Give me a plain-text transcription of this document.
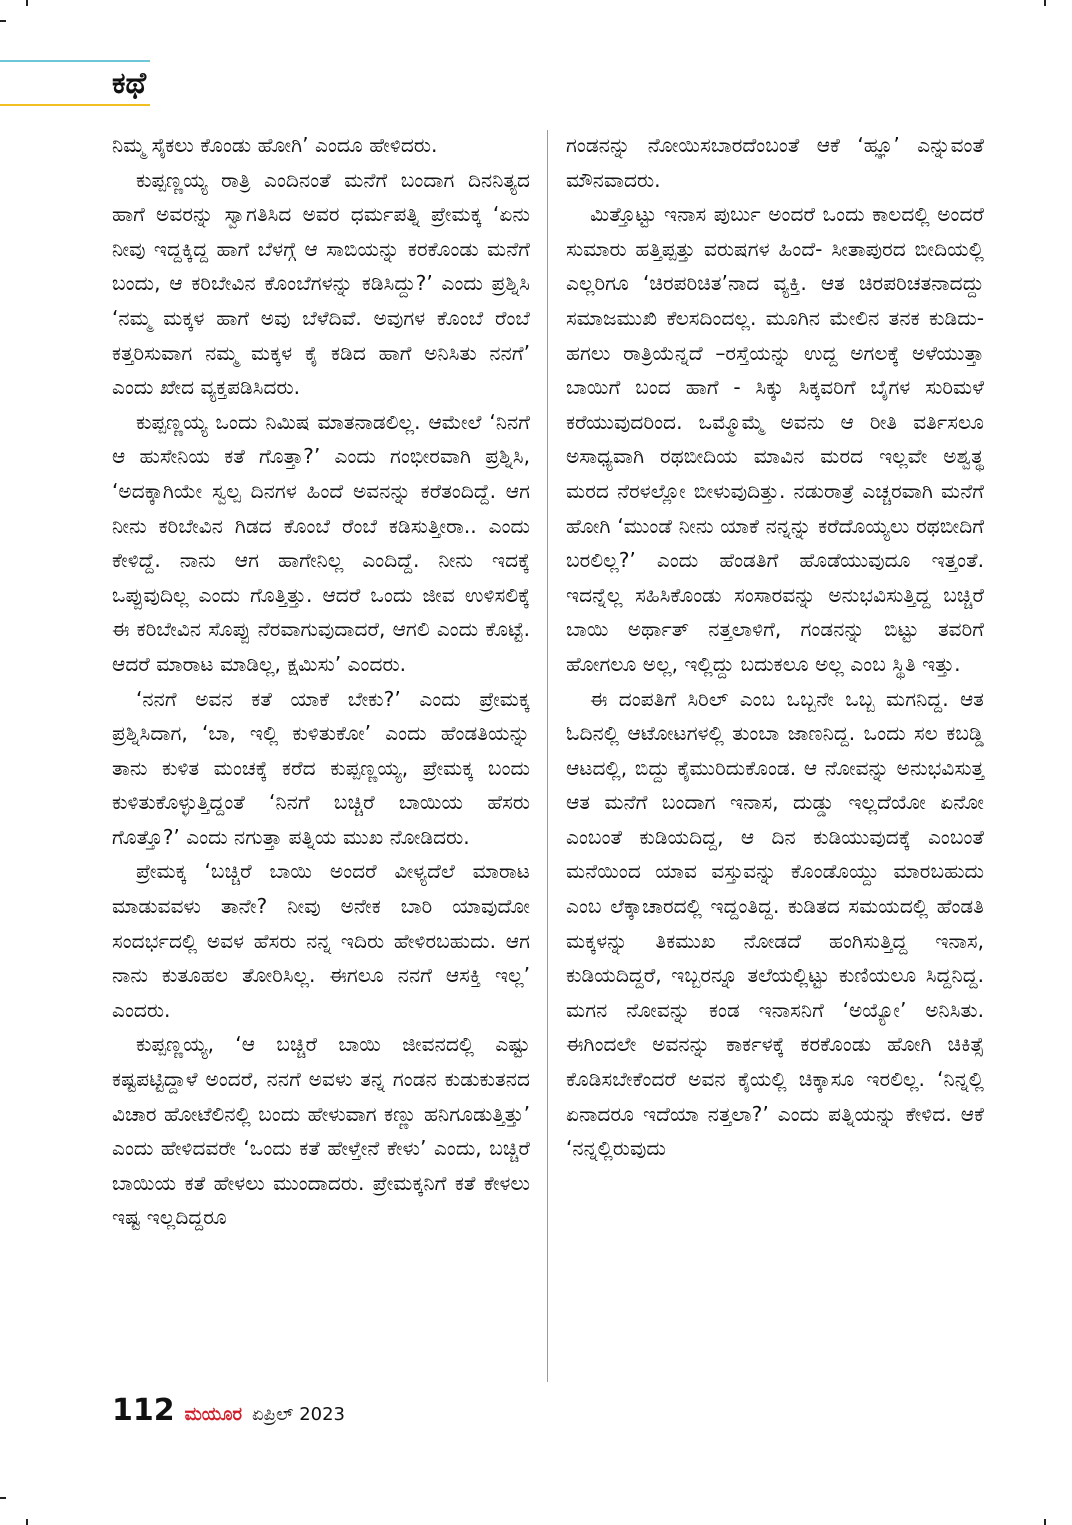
ಕಥೆ

ನಿಮ್ಮ ಸೈಕಲು ಕೊಂಡು ಹೋಗಿ’ ಎಂದೂ ಹೇಳಿದರು.

ಕುಪ್ಪಣ್ಣಯ್ಯ ರಾತ್ರಿ ಎಂದಿನಂತೆ ಮನೆಗೆ ಬಂದಾಗ ದಿನನಿತ್ಯದ ಹಾಗೆ ಅವರನ್ನು ಸ್ವಾಗತಿಸಿದ ಅವರ ಧರ್ಮಪತ್ನಿ ಪ್ರೇಮಕ್ಕ ‘ಏನು ನೀವು ಇದ್ದಕ್ಕಿದ್ದ ಹಾಗೆ ಬೆಳಗ್ಗೆ ಆ ಸಾಬಿಯನ್ನು ಕರಕೊಂಡು ಮನೆಗೆ ಬಂದು, ಆ ಕರಿಬೇವಿನ ಕೊಂಬೆಗಳನ್ನು ಕಡಿಸಿದ್ದು?’ ಎಂದು ಪ್ರಶ್ನಿಸಿ ‘ನಮ್ಮ ಮಕ್ಕಳ ಹಾಗೆ ಅವು ಬೆಳೆದಿವೆ. ಅವುಗಳ ಕೊಂಬೆ ರೆಂಬೆ ಕತ್ತರಿಸುವಾಗ ನಮ್ಮ ಮಕ್ಕಳ ಕೈ ಕಡಿದ ಹಾಗೆ ಅನಿಸಿತು ನನಗೆ’ ಎಂದು ಖೇದ ವ್ಯಕ್ತಪಡಿಸಿದರು.

ಕುಪ್ಪಣ್ಣಯ್ಯ ಒಂದು ನಿಮಿಷ ಮಾತನಾಡಲಿಲ್ಲ. ಆಮೇಲೆ ‘ನಿನಗೆ ಆ ಹುಸೇನಿಯ ಕತೆ ಗೊತ್ತಾ?’ ಎಂದು ಗಂಭೀರವಾಗಿ ಪ್ರಶ್ನಿಸಿ, ‘ಅದಕ್ಕಾಗಿಯೇ ಸ್ವಲ್ಪ ದಿನಗಳ ಹಿಂದೆ ಅವನನ್ನು ಕರೆತಂದಿದ್ದೆ. ಆಗ ನೀನು ಕರಿಬೇವಿನ ಗಿಡದ ಕೊಂಬೆ ರೆಂಬೆ ಕಡಿಸುತ್ತೀರಾ.. ಎಂದು ಕೇಳಿದ್ದೆ. ನಾನು ಆಗ ಹಾಗೇನಿಲ್ಲ ಎಂದಿದ್ದೆ. ನೀನು ಇದಕ್ಕೆ ಒಪ್ಪುವುದಿಲ್ಲ ಎಂದು ಗೊತ್ತಿತ್ತು. ಆದರೆ ಒಂದು ಜೀವ ಉಳಿಸಲಿಕ್ಕೆ ಈ ಕರಿಬೇವಿನ ಸೊಪ್ಪು ನೆರವಾಗುವುದಾದರೆ, ಆಗಲಿ ಎಂದು ಕೊಟ್ಟೆ. ಆದರೆ ಮಾರಾಟ ಮಾಡಿಲ್ಲ, ಕ್ಷಮಿಸು’ ಎಂದರು.

‘ನನಗೆ ಅವನ ಕತೆ ಯಾಕೆ ಬೇಕು?’ ಎಂದು ಪ್ರೇಮಕ್ಕ ಪ್ರಶ್ನಿಸಿದಾಗ, ‘ಬಾ, ಇಲ್ಲಿ ಕುಳಿತುಕೋ’ ಎಂದು ಹೆಂಡತಿಯನ್ನು ತಾನು ಕುಳಿತ ಮಂಚಕ್ಕೆ ಕರೆದ ಕುಪ್ಪಣ್ಣಯ್ಯ, ಪ್ರೇಮಕ್ಕ ಬಂದು ಕುಳಿತುಕೊಳ್ಳುತ್ತಿದ್ದಂತೆ ‘ನಿನಗೆ ಬಚ್ಚಿರೆ ಬಾಯಿಯ ಹೆಸರು ಗೊತ್ತೊ?’ ಎಂದು ನಗುತ್ತಾ ಪತ್ನಿಯ ಮುಖ ನೋಡಿದರು.

ಪ್ರೇಮಕ್ಕ ‘ಬಚ್ಚಿರೆ ಬಾಯಿ ಅಂದರೆ ವೀಳ್ಯದೆಲೆ ಮಾರಾಟ ಮಾಡುವವಳು ತಾನೇ? ನೀವು ಅನೇಕ ಬಾರಿ ಯಾವುದೋ ಸಂದರ್ಭದಲ್ಲಿ ಅವಳ ಹೆಸರು ನನ್ನ ಇದಿರು ಹೇಳಿರಬಹುದು. ಆಗ ನಾನು ಕುತೂಹಲ ತೋರಿಸಿಲ್ಲ. ಈಗಲೂ ನನಗೆ ಆಸಕ್ತಿ ಇಲ್ಲ’ ಎಂದರು.

ಕುಪ್ಪಣ್ಣಯ್ಯ, ‘ಆ ಬಚ್ಚಿರೆ ಬಾಯಿ ಜೀವನದಲ್ಲಿ ಎಷ್ಟು ಕಷ್ಟಪಟ್ಟಿದ್ದಾಳೆ ಅಂದರೆ, ನನಗೆ ಅವಳು ತನ್ನ ಗಂಡನ ಕುಡುಕುತನದ ವಿಚಾರ ಹೋಟೆಲಿನಲ್ಲಿ ಬಂದು ಹೇಳುವಾಗ ಕಣ್ಣು ಹನಿಗೂಡುತ್ತಿತ್ತು’ ಎಂದು ಹೇಳಿದವರೇ ‘ಒಂದು ಕತೆ ಹೇಳ್ತೇನೆ ಕೇಳು’ ಎಂದು, ಬಚ್ಚಿರೆ ಬಾಯಿಯ ಕತೆ ಹೇಳಲು ಮುಂದಾದರು. ಪ್ರೇಮಕ್ಕನಿಗೆ ಕತೆ ಕೇಳಲು ಇಷ್ಟ ಇಲ್ಲದಿದ್ದರೂ

ಗಂಡನನ್ನು ನೋಯಿಸಬಾರದೆಂಬಂತೆ ಆಕೆ ‘ಹ್ಞೂ’ ಎನ್ನುವಂತೆ ಮೌನವಾದರು.

ಮಿತ್ತೊಟ್ಟು ಇನಾಸ ಪುರ್ಬು ಅಂದರೆ ಒಂದು ಕಾಲದಲ್ಲಿ ಅಂದರೆ ಸುಮಾರು ಹತ್ತಿಪ್ಪತ್ತು ವರುಷಗಳ ಹಿಂದೆ- ಸೀತಾಪುರದ ಬೀದಿಯಲ್ಲಿ ಎಲ್ಲರಿಗೂ ‘ಚಿರಪರಿಚಿತ’ನಾದ ವ್ಯಕ್ತಿ. ಆತ ಚಿರಪರಿಚತನಾದದ್ದು ಸಮಾಜಮುಖಿ ಕೆಲಸದಿಂದಲ್ಲ. ಮೂಗಿನ ಮೇಲಿನ ತನಕ ಕುಡಿದು- ಹಗಲು ರಾತ್ರಿಯೆನ್ನದೆ –ರಸ್ತೆಯನ್ನು ಉದ್ದ ಅಗಲಕ್ಕೆ ಅಳೆಯುತ್ತಾ ಬಾಯಿಗೆ ಬಂದ ಹಾಗೆ - ಸಿಕ್ಕು ಸಿಕ್ಕವರಿಗೆ ಬೈಗಳ ಸುರಿಮಳೆ ಕರೆಯುವುದರಿಂದ. ಒಮ್ಮೊಮ್ಮೆ ಅವನು ಆ ರೀತಿ ವರ್ತಿಸಲೂ ಅಸಾಧ್ಯವಾಗಿ ರಥಬೀದಿಯ ಮಾವಿನ ಮರದ ಇಲ್ಲವೇ ಅಶ್ವತ್ಥ ಮರದ ನೆರಳಲ್ಲೋ ಬೀಳುವುದಿತ್ತು. ನಡುರಾತ್ರೆ ಎಚ್ಚರವಾಗಿ ಮನೆಗೆ ಹೋಗಿ ‘ಮುಂಡೆ ನೀನು ಯಾಕೆ ನನ್ನನ್ನು ಕರೆದೊಯ್ಯಲು ರಥಬೀದಿಗೆ ಬರಲಿಲ್ಲ?’ ಎಂದು ಹೆಂಡತಿಗೆ ಹೊಡೆಯುವುದೂ ಇತ್ತಂತೆ. ಇದನ್ನೆಲ್ಲ ಸಹಿಸಿಕೊಂಡು ಸಂಸಾರವನ್ನು ಅನುಭವಿಸುತ್ತಿದ್ದ ಬಚ್ಚಿರೆ ಬಾಯಿ ಅರ್ಥಾತ್ ನತ್ತಲಾಳಿಗೆ, ಗಂಡನನ್ನು ಬಿಟ್ಟು ತವರಿಗೆ ಹೋಗಲೂ ಅಲ್ಲ, ಇಲ್ಲಿದ್ದು ಬದುಕಲೂ ಅಲ್ಲ ಎಂಬ ಸ್ಥಿತಿ ಇತ್ತು.

ಈ ದಂಪತಿಗೆ ಸಿರಿಲ್ ಎಂಬ ಒಬ್ಬನೇ ಒಬ್ಬ ಮಗನಿದ್ದ. ಆತ ಓದಿನಲ್ಲಿ ಆಟೋಟಗಳಲ್ಲಿ ತುಂಬಾ ಜಾಣನಿದ್ದ. ಒಂದು ಸಲ ಕಬಡ್ಡಿ ಆಟದಲ್ಲಿ, ಬಿದ್ದು ಕೈಮುರಿದುಕೊಂಡ. ಆ ನೋವನ್ನು ಅನುಭವಿಸುತ್ತ ಆತ ಮನೆಗೆ ಬಂದಾಗ ಇನಾಸ, ದುಡ್ಡು ಇಲ್ಲದೆಯೋ ಏನೋ ಎಂಬಂತೆ ಕುಡಿಯದಿದ್ದ, ಆ ದಿನ ಕುಡಿಯುವುದಕ್ಕೆ ಎಂಬಂತೆ ಮನೆಯಿಂದ ಯಾವ ವಸ್ತುವನ್ನು ಕೊಂಡೊಯ್ದು ಮಾರಬಹುದು ಎಂಬ ಲೆಕ್ಕಾಚಾರದಲ್ಲಿ ಇದ್ದಂತಿದ್ದ. ಕುಡಿತದ ಸಮಯದಲ್ಲಿ ಹೆಂಡತಿ ಮಕ್ಕಳನ್ನು ತಿಕಮುಖ ನೋಡದೆ ಹಂಗಿಸುತ್ತಿದ್ದ ಇನಾಸ, ಕುಡಿಯದಿದ್ದರೆ, ಇಬ್ಬರನ್ನೂ ತಲೆಯಲ್ಲಿಟ್ಟು ಕುಣಿಯಲೂ ಸಿದ್ದನಿದ್ದ. ಮಗನ ನೋವನ್ನು ಕಂಡ ಇನಾಸನಿಗೆ ‘ಅಯ್ಯೋ’ ಅನಿಸಿತು. ಈಗಿಂದಲೇ ಅವನನ್ನು ಕಾರ್ಕಳಕ್ಕೆ ಕರಕೊಂಡು ಹೋಗಿ ಚಿಕಿತ್ಸೆ ಕೊಡಿಸಬೇಕೆಂದರೆ ಅವನ ಕೈಯಲ್ಲಿ ಚಿಕ್ಕಾಸೂ ಇರಲಿಲ್ಲ. ‘ನಿನ್ನಲ್ಲಿ ಏನಾದರೂ ಇದೆಯಾ ನತ್ತಲಾ?’ ಎಂದು ಪತ್ನಿಯನ್ನು ಕೇಳಿದ. ಆಕೆ ‘ನನ್ನಲ್ಲಿರುವುದು

112 ಮಯೂರ ಏಪ್ರಿಲ್ 2023
